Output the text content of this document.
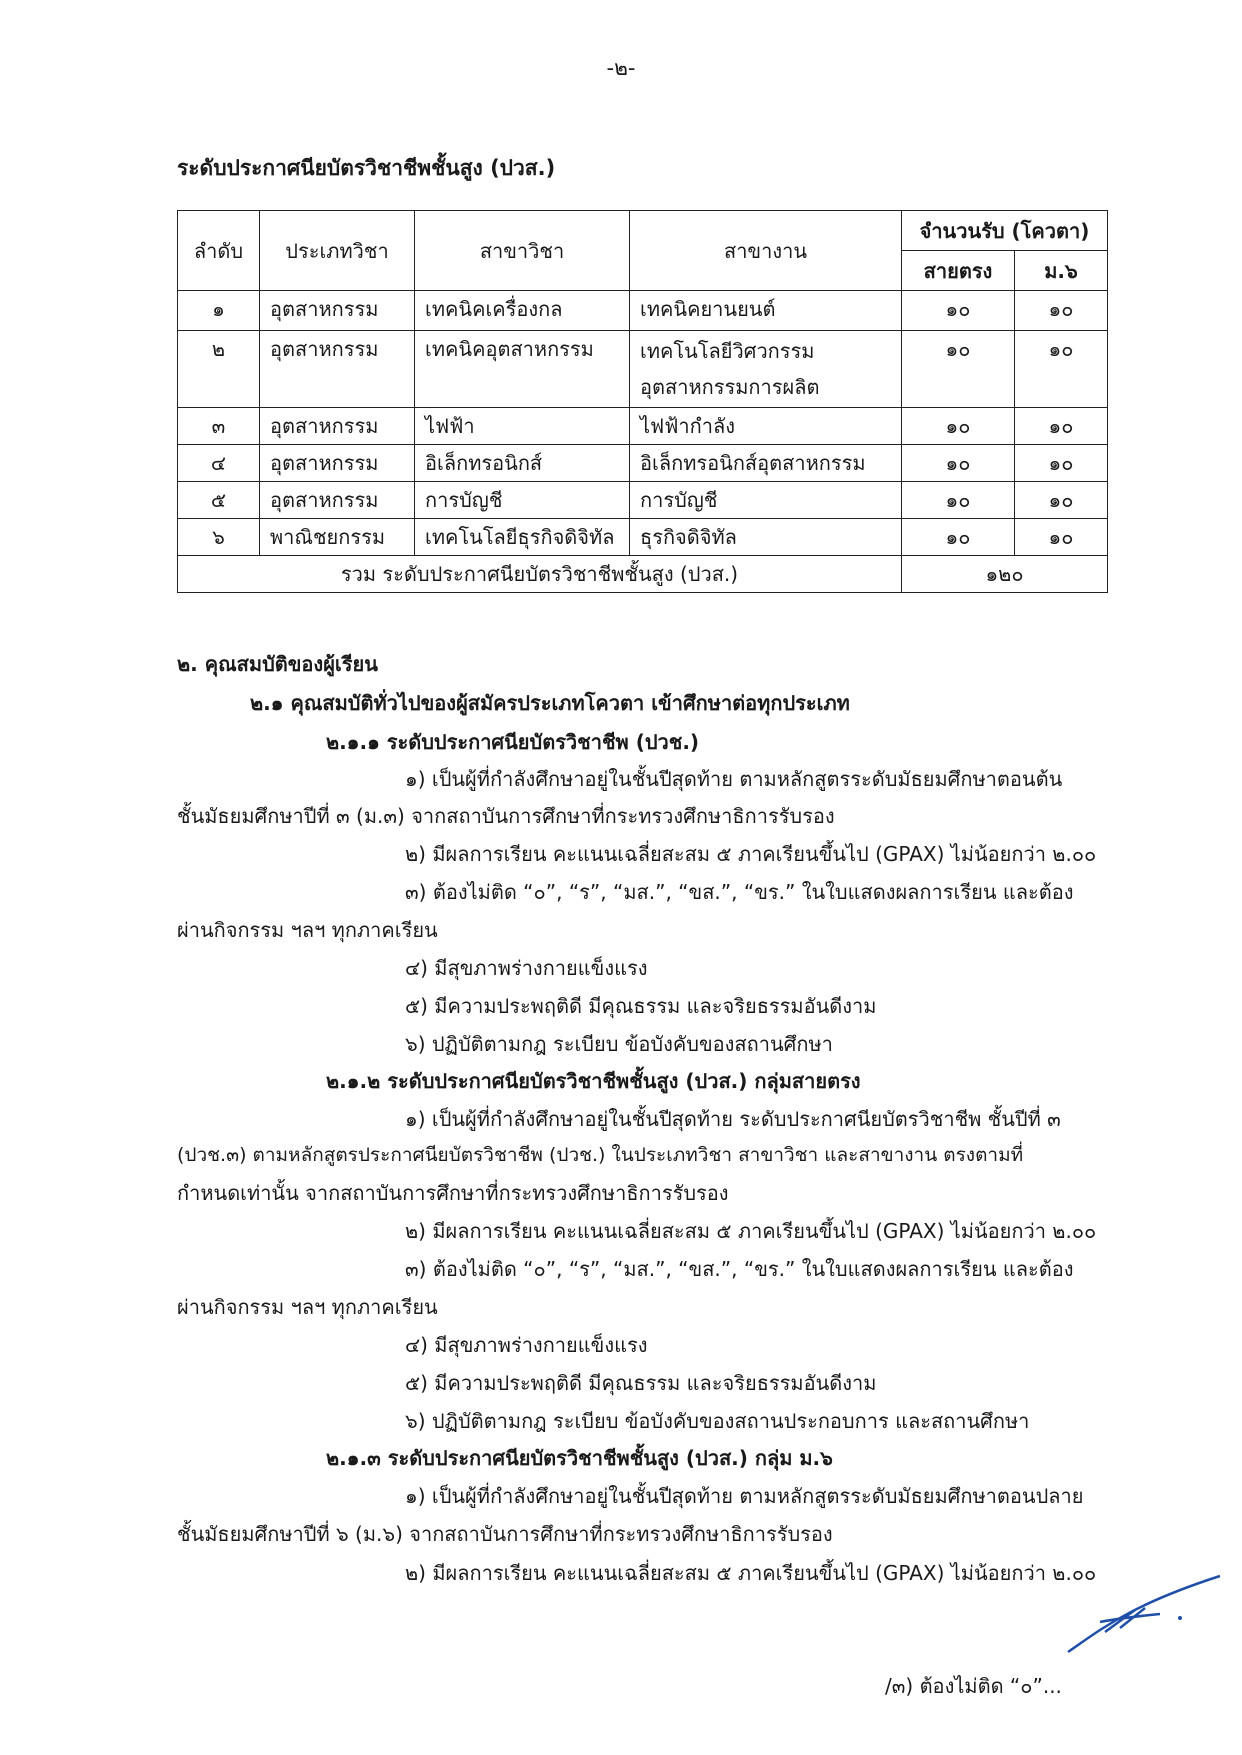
-๒-
ระดับประกาศนียบัตรวิชาชีพชั้นสูง (ปวส.)
ลำดับ	ประเภทวิชา	สาขาวิชา	สาขางาน	จำนวนรับ (โควตา)	
				สายตรง	ม.๖
๑	อุตสาหกรรม	เทคนิคเครื่องกล	เทคนิคยานยนต์	๑๐	๑๐
๒	อุตสาหกรรม	เทคนิคอุตสาหกรรม	เทคโนโลยีวิศวกรรม
อุตสาหกรรมการผลิต	๑๐	๑๐
๓	อุตสาหกรรม	ไฟฟ้า	ไฟฟ้ากำลัง	๑๐	๑๐
๔	อุตสาหกรรม	อิเล็กทรอนิกส์	อิเล็กทรอนิกส์อุตสาหกรรม	๑๐	๑๐
๕	อุตสาหกรรม	การบัญชี	การบัญชี	๑๐	๑๐
๖	พาณิชยกรรม	เทคโนโลยีธุรกิจดิจิทัล	ธุรกิจดิจิทัล	๑๐	๑๐
รวม ระดับประกาศนียบัตรวิชาชีพชั้นสูง (ปวส.)				๑๒๐	
๒. คุณสมบัติของผู้เรียน
๒.๑ คุณสมบัติทั่วไปของผู้สมัครประเภทโควตา เข้าศึกษาต่อทุกประเภท
๒.๑.๑ ระดับประกาศนียบัตรวิชาชีพ (ปวช.)
๑) เป็นผู้ที่กำลังศึกษาอยู่ในชั้นปีสุดท้าย ตามหลักสูตรระดับมัธยมศึกษาตอนต้น
ชั้นมัธยมศึกษาปีที่ ๓ (ม.๓) จากสถาบันการศึกษาที่กระทรวงศึกษาธิการรับรอง
๒) มีผลการเรียน คะแนนเฉลี่ยสะสม ๕ ภาคเรียนขึ้นไป (GPAX) ไม่น้อยกว่า ๒.๐๐
๓) ต้องไม่ติด “๐”, “ร”, “มส.”, “ขส.”, “ขร.” ในใบแสดงผลการเรียน และต้อง
ผ่านกิจกรรม ฯลฯ ทุกภาคเรียน
๔) มีสุขภาพร่างกายแข็งแรง
๕) มีความประพฤติดี มีคุณธรรม และจริยธรรมอันดีงาม
๖) ปฏิบัติตามกฎ ระเบียบ ข้อบังคับของสถานศึกษา
๒.๑.๒ ระดับประกาศนียบัตรวิชาชีพชั้นสูง (ปวส.) กลุ่มสายตรง
๑) เป็นผู้ที่กำลังศึกษาอยู่ในชั้นปีสุดท้าย ระดับประกาศนียบัตรวิชาชีพ ชั้นปีที่ ๓
(ปวช.๓) ตามหลักสูตรประกาศนียบัตรวิชาชีพ (ปวช.) ในประเภทวิชา สาขาวิชา และสาขางาน ตรงตามที่
กำหนดเท่านั้น จากสถาบันการศึกษาที่กระทรวงศึกษาธิการรับรอง
๒) มีผลการเรียน คะแนนเฉลี่ยสะสม ๕ ภาคเรียนขึ้นไป (GPAX) ไม่น้อยกว่า ๒.๐๐
๓) ต้องไม่ติด “๐”, “ร”, “มส.”, “ขส.”, “ขร.” ในใบแสดงผลการเรียน และต้อง
ผ่านกิจกรรม ฯลฯ ทุกภาคเรียน
๔) มีสุขภาพร่างกายแข็งแรง
๕) มีความประพฤติดี มีคุณธรรม และจริยธรรมอันดีงาม
๖) ปฏิบัติตามกฎ ระเบียบ ข้อบังคับของสถานประกอบการ และสถานศึกษา
๒.๑.๓ ระดับประกาศนียบัตรวิชาชีพชั้นสูง (ปวส.) กลุ่ม ม.๖
๑) เป็นผู้ที่กำลังศึกษาอยู่ในชั้นปีสุดท้าย ตามหลักสูตรระดับมัธยมศึกษาตอนปลาย
ชั้นมัธยมศึกษาปีที่ ๖ (ม.๖) จากสถาบันการศึกษาที่กระทรวงศึกษาธิการรับรอง
๒) มีผลการเรียน คะแนนเฉลี่ยสะสม ๕ ภาคเรียนขึ้นไป (GPAX) ไม่น้อยกว่า ๒.๐๐
/๓) ต้องไม่ติด “๐”...
